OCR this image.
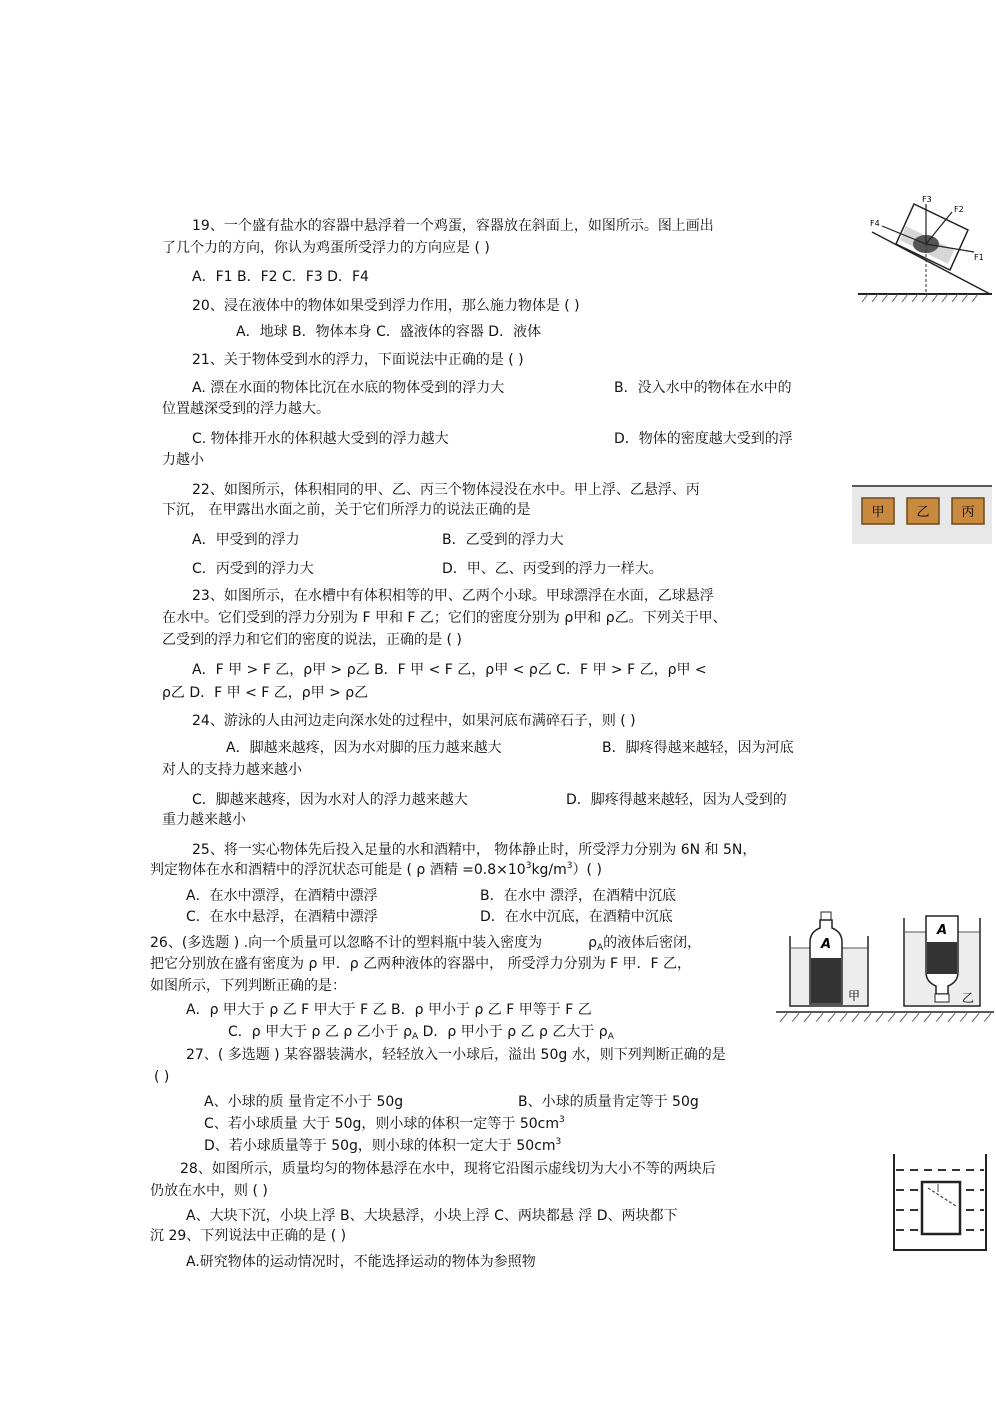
19、一个盛有盐水的容器中悬浮着一个鸡蛋，容器放在斜面上，如图所示。图上画出
了几个力的方向，你认为鸡蛋所受浮力的方向应是 ( )
A．F1 B．F2 C．F3 D．F4
F3
F2
F4
F1
20、浸在液体中的物体如果受到浮力作用，那么施力物体是 ( )
A．地球 B．物体本身 C．盛液体的容器 D．液体
21、关于物体受到水的浮力，下面说法中正确的是 ( )
A. 漂在水面的物体比沉在水底的物体受到的浮力大	B．没入水中的物体在水中的
位置越深受到的浮力越大。
C. 物体排开水的体积越大受到的浮力越大	D．物体的密度越大受到的浮
力越小
22、如图所示，体积相同的甲、乙、丙三个物体浸没在水中。甲上浮、乙悬浮、丙
下沉， 在甲露出水面之前，关于它们所浮力的说法正确的是
A．甲受到的浮力	B．乙受到的浮力大
C．丙受到的浮力大	D．甲、乙、丙受到的浮力一样大。
甲 乙 丙
23、如图所示，在水槽中有体积相等的甲、乙两个小球。甲球漂浮在水面，乙球悬浮
在水中。它们受到的浮力分别为 F 甲和 F 乙；它们的密度分别为 ρ甲和 ρ乙。下列关于甲、
乙受到的浮力和它们的密度的说法，正确的是 ( )
A．F 甲 > F 乙，ρ甲 > ρ乙 B．F 甲 < F 乙，ρ甲 < ρ乙 C．F 甲 > F 乙，ρ甲 <
ρ乙 D．F 甲 < F 乙，ρ甲 > ρ乙
24、游泳的人由河边走向深水处的过程中，如果河底布满碎石子，则 ( )
A．脚越来越疼，因为水对脚的压力越来越大	B．脚疼得越来越轻，因为河底
对人的支持力越来越小
C．脚越来越疼，因为水对人的浮力越来越大	D．脚疼得越来越轻，因为人受到的
重力越来越小
25、将一实心物体先后投入足量的水和酒精中， 物体静止时，所受浮力分别为 6N 和 5N，
判定物体在水和酒精中的浮沉状态可能是 ( ρ 酒精 $=0.8\times 10^3kg/m^3$）( )
A．在水中漂浮，在酒精中漂浮	B．在水中 漂浮，在酒精中沉底
C．在水中悬浮，在酒精中漂浮	D．在水中沉底，在酒精中沉底
26、(多选题 ) .向一个质量可以忽略不计的塑料瓶中装入密度为	$\rho_A$的液体后密闭，
把它分别放在盛有密度为 ρ 甲．ρ 乙两种液体的容器中， 所受浮力分别为 F 甲．F 乙，
如图所示，下列判断正确的是：
A．ρ 甲大于 ρ 乙 F 甲大于 F 乙 B．ρ 甲小于 ρ 乙 F 甲等于 F 乙
C．ρ 甲大于 ρ 乙 ρ 乙小于 $\rho_A$ D．ρ 甲小于 ρ 乙 ρ 乙大于 $\rho_A$
A
甲
A
乙
27、( 多选题 ) 某容器装满水，轻轻放入一小球后，溢出 50g 水，则下列判断正确的是
( )
A、小球的质 量肯定不小于 50g	B、小球的质量肯定等于 50g
C、若小球质量 大于 50g，则小球的体积一定等于 $50cm^3$
D、若小球质量等于 50g，则小球的体积一定大于 $50cm^3$
28、如图所示，质量均匀的物体悬浮在水中，现将它沿图示虚线切为大小不等的两块后
仍放在水中，则 ( )
A、大块下沉，小块上浮 B、大块悬浮，小块上浮 C、两块都悬 浮 D、两块都下
沉 29、下列说法中正确的是 ( )
A.研究物体的运动情况时，不能选择运动的物体为参照物
